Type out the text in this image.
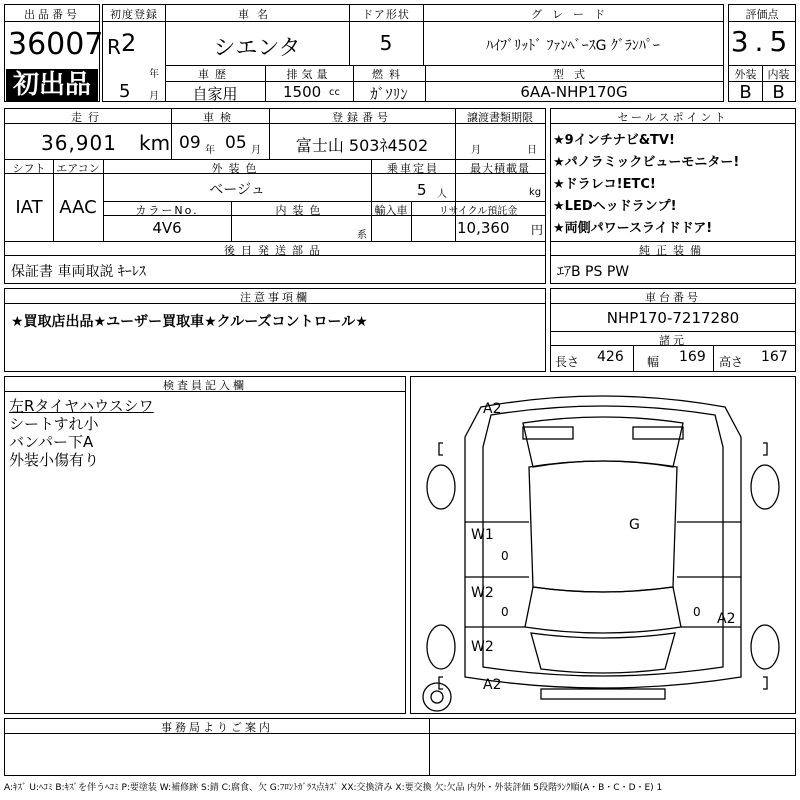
出品番号
36007
初出品
初度登録
R 2
年
5 月
車名
シエンタ
ドア形状
5
グレード
ﾊｲﾌﾞﾘｯﾄﾞ ﾌｧﾝﾍﾞｰｽG ｸﾞﾗﾝﾊﾟｰ
車歴
自家用
排気量
1500 cc
燃料
ｶﾞｿﾘﾝ
型式
6AA-NHP170G
評価点
3.5
外装	内装
B	B
走行
36,901 km
車検
09 年 05 月
登録番号
富士山 503ﾈ4502
譲渡書類期限
月	日
シフト
IAT
エアコン
AAC
外装色
ベージュ
乗車定員
5 人
最大積載量
kg
カラーNo.
4V6
内装色
系
輸入車	リサイクル預託金
10,360 円
後日発送部品
保証書 車両取説 ｷｰﾚｽ
セールスポイント
★9インチナビ&TV!
★パノラミックビューモニター!
★ドラレコ!ETC!
★LEDヘッドランプ!
★両側パワースライドドア!
純正装備
ｴｱB PS PW
注意事項欄
★買取店出品★ユーザー買取車★クルーズコントロール★
車台番号
NHP170-7217280
諸元
長さ 426 幅 169 高さ 167
検査員記入欄
左Rタイヤハウスシワ
シートすれ小
バンパー下A
外装小傷有り
A2
G
W1
W2
W2
A2
A2
0
0	0
事務局よりご案内
A:ｷｽﾞ U:ﾍｺﾐ B:ｷｽﾞを伴うﾍｺﾐ P:要塗装 W:補修跡 S:錆 C:腐食、欠 G:ﾌﾛﾝﾄｶﾞﾗｽ点ｷｽﾞ XX:交換済み X:要交換 欠:欠品 内外・外装評価 5段階ﾗﾝｸ順(A・B・C・D・E) 1
